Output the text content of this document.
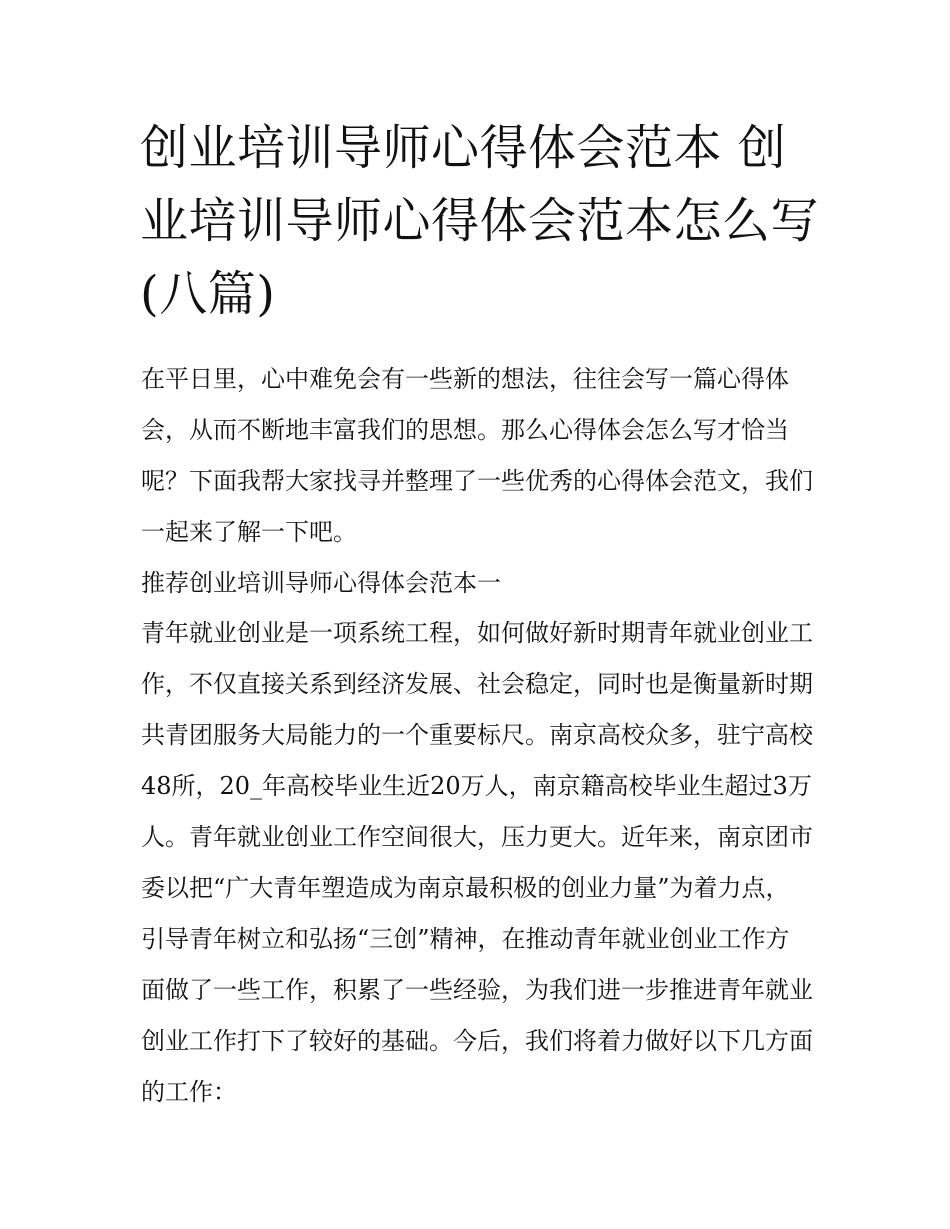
创业培训导师心得体会范本 创业培训导师心得体会范本怎么写(八篇)

在平日里，心中难免会有一些新的想法，往往会写一篇心得体会，从而不断地丰富我们的思想。那么心得体会怎么写才恰当呢？下面我帮大家找寻并整理了一些优秀的心得体会范文，我们一起来了解一下吧。

推荐创业培训导师心得体会范本一

青年就业创业是一项系统工程，如何做好新时期青年就业创业工作，不仅直接关系到经济发展、社会稳定，同时也是衡量新时期共青团服务大局能力的一个重要标尺。南京高校众多，驻宁高校48所，20_年高校毕业生近20万人，南京籍高校毕业生超过3万人。青年就业创业工作空间很大，压力更大。近年来，南京团市委以把“广大青年塑造成为南京最积极的创业力量”为着力点，引导青年树立和弘扬“三创”精神，在推动青年就业创业工作方面做了一些工作，积累了一些经验，为我们进一步推进青年就业创业工作打下了较好的基础。今后，我们将着力做好以下几方面的工作：
